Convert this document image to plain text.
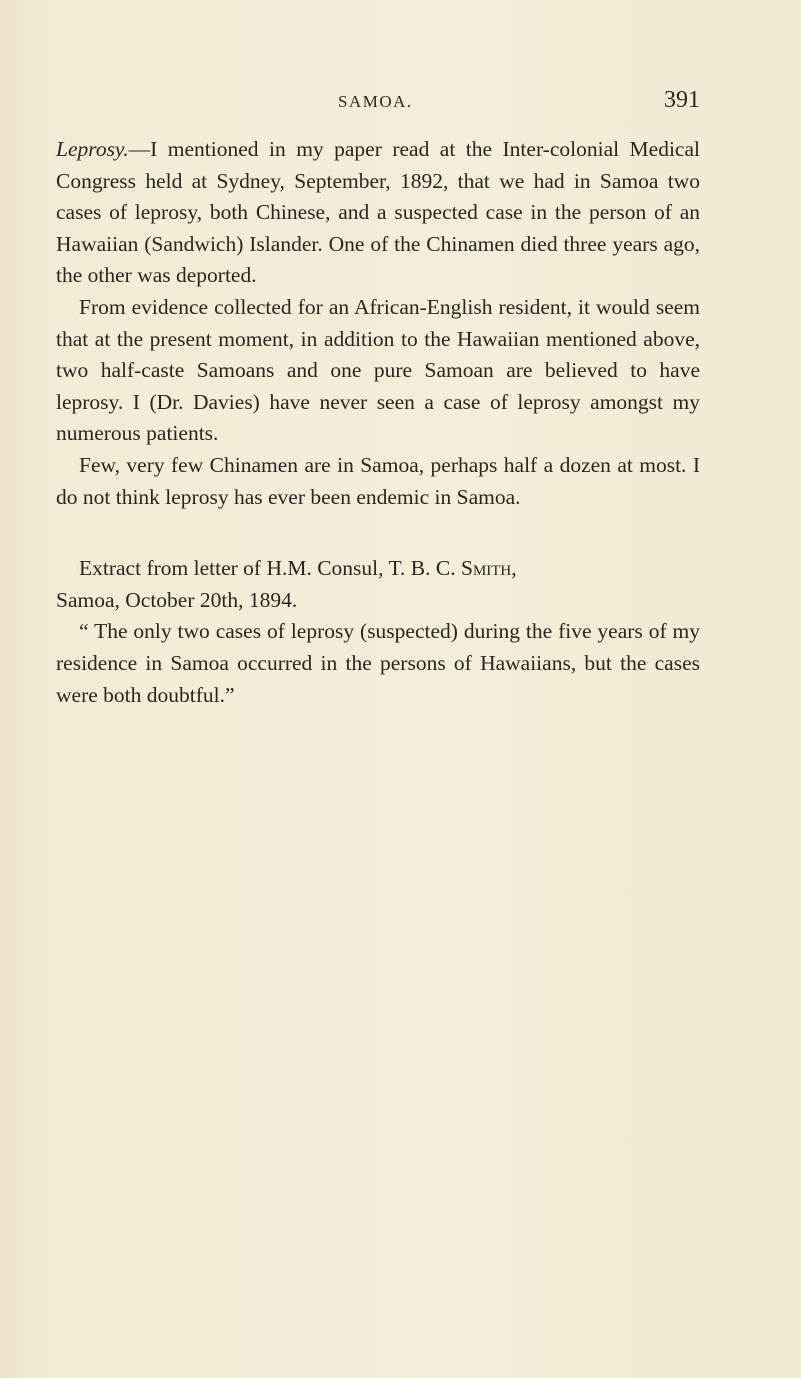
SAMOA.	391

Leprosy.—I mentioned in my paper read at the Inter-colonial Medical Congress held at Sydney, September, 1892, that we had in Samoa two cases of leprosy, both Chinese, and a suspected case in the person of an Hawaiian (Sandwich) Islander. One of the Chinamen died three years ago, the other was deported.

From evidence collected for an African-English resident, it would seem that at the present moment, in addition to the Hawaiian mentioned above, two half-caste Samoans and one pure Samoan are believed to have leprosy. I (Dr. Davies) have never seen a case of leprosy amongst my numerous patients.

Few, very few Chinamen are in Samoa, perhaps half a dozen at most. I do not think leprosy has ever been endemic in Samoa.

Extract from letter of H.M. Consul, T. B. C. Smith,

Samoa, October 20th, 1894.

“ The only two cases of leprosy (suspected) during the five years of my residence in Samoa occurred in the persons of Hawaiians, but the cases were both doubtful.”
